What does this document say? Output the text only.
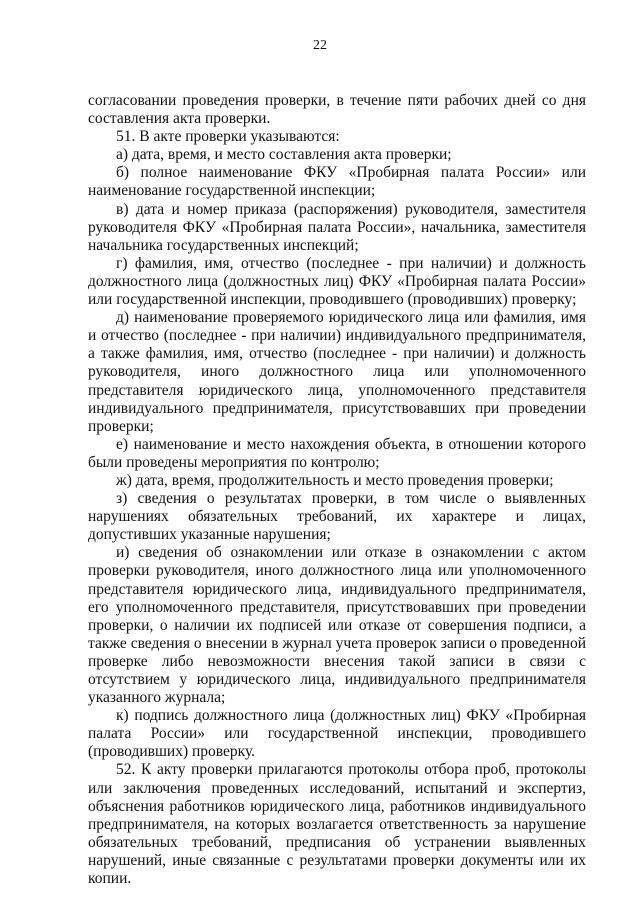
22

согласовании проведения проверки, в течение пяти рабочих дней со дня составления акта проверки.

51. В акте проверки указываются:

а) дата, время, и место составления акта проверки;

б) полное наименование ФКУ «Пробирная палата России» или наименование государственной инспекции;

в) дата и номер приказа (распоряжения) руководителя, заместителя руководителя ФКУ «Пробирная палата России», начальника, заместителя начальника государственных инспекций;

г) фамилия, имя, отчество (последнее - при наличии) и должность должностного лица (должностных лиц) ФКУ «Пробирная палата России» или государственной инспекции, проводившего (проводивших) проверку;

д) наименование проверяемого юридического лица или фамилия, имя и отчество (последнее - при наличии) индивидуального предпринимателя, а также фамилия, имя, отчество (последнее - при наличии) и должность руководителя, иного должностного лица или уполномоченного представителя юридического лица, уполномоченного представителя индивидуального предпринимателя, присутствовавших при проведении проверки;

е) наименование и место нахождения объекта, в отношении которого были проведены мероприятия по контролю;

ж) дата, время, продолжительность и место проведения проверки;

з) сведения о результатах проверки, в том числе о выявленных нарушениях обязательных требований, их характере и лицах, допустивших указанные нарушения;

и) сведения об ознакомлении или отказе в ознакомлении с актом проверки руководителя, иного должностного лица или уполномоченного представителя юридического лица, индивидуального предпринимателя, его уполномоченного представителя, присутствовавших при проведении проверки, о наличии их подписей или отказе от совершения подписи, а также сведения о внесении в журнал учета проверок записи о проведенной проверке либо невозможности внесения такой записи в связи с отсутствием у юридического лица, индивидуального предпринимателя указанного журнала;

к) подпись должностного лица (должностных лиц) ФКУ «Пробирная палата России» или государственной инспекции, проводившего (проводивших) проверку.

52. К акту проверки прилагаются протоколы отбора проб, протоколы или заключения проведенных исследований, испытаний и экспертиз, объяснения работников юридического лица, работников индивидуального предпринимателя, на которых возлагается ответственность за нарушение обязательных требований, предписания об устранении выявленных нарушений, иные связанные с результатами проверки документы или их копии.
